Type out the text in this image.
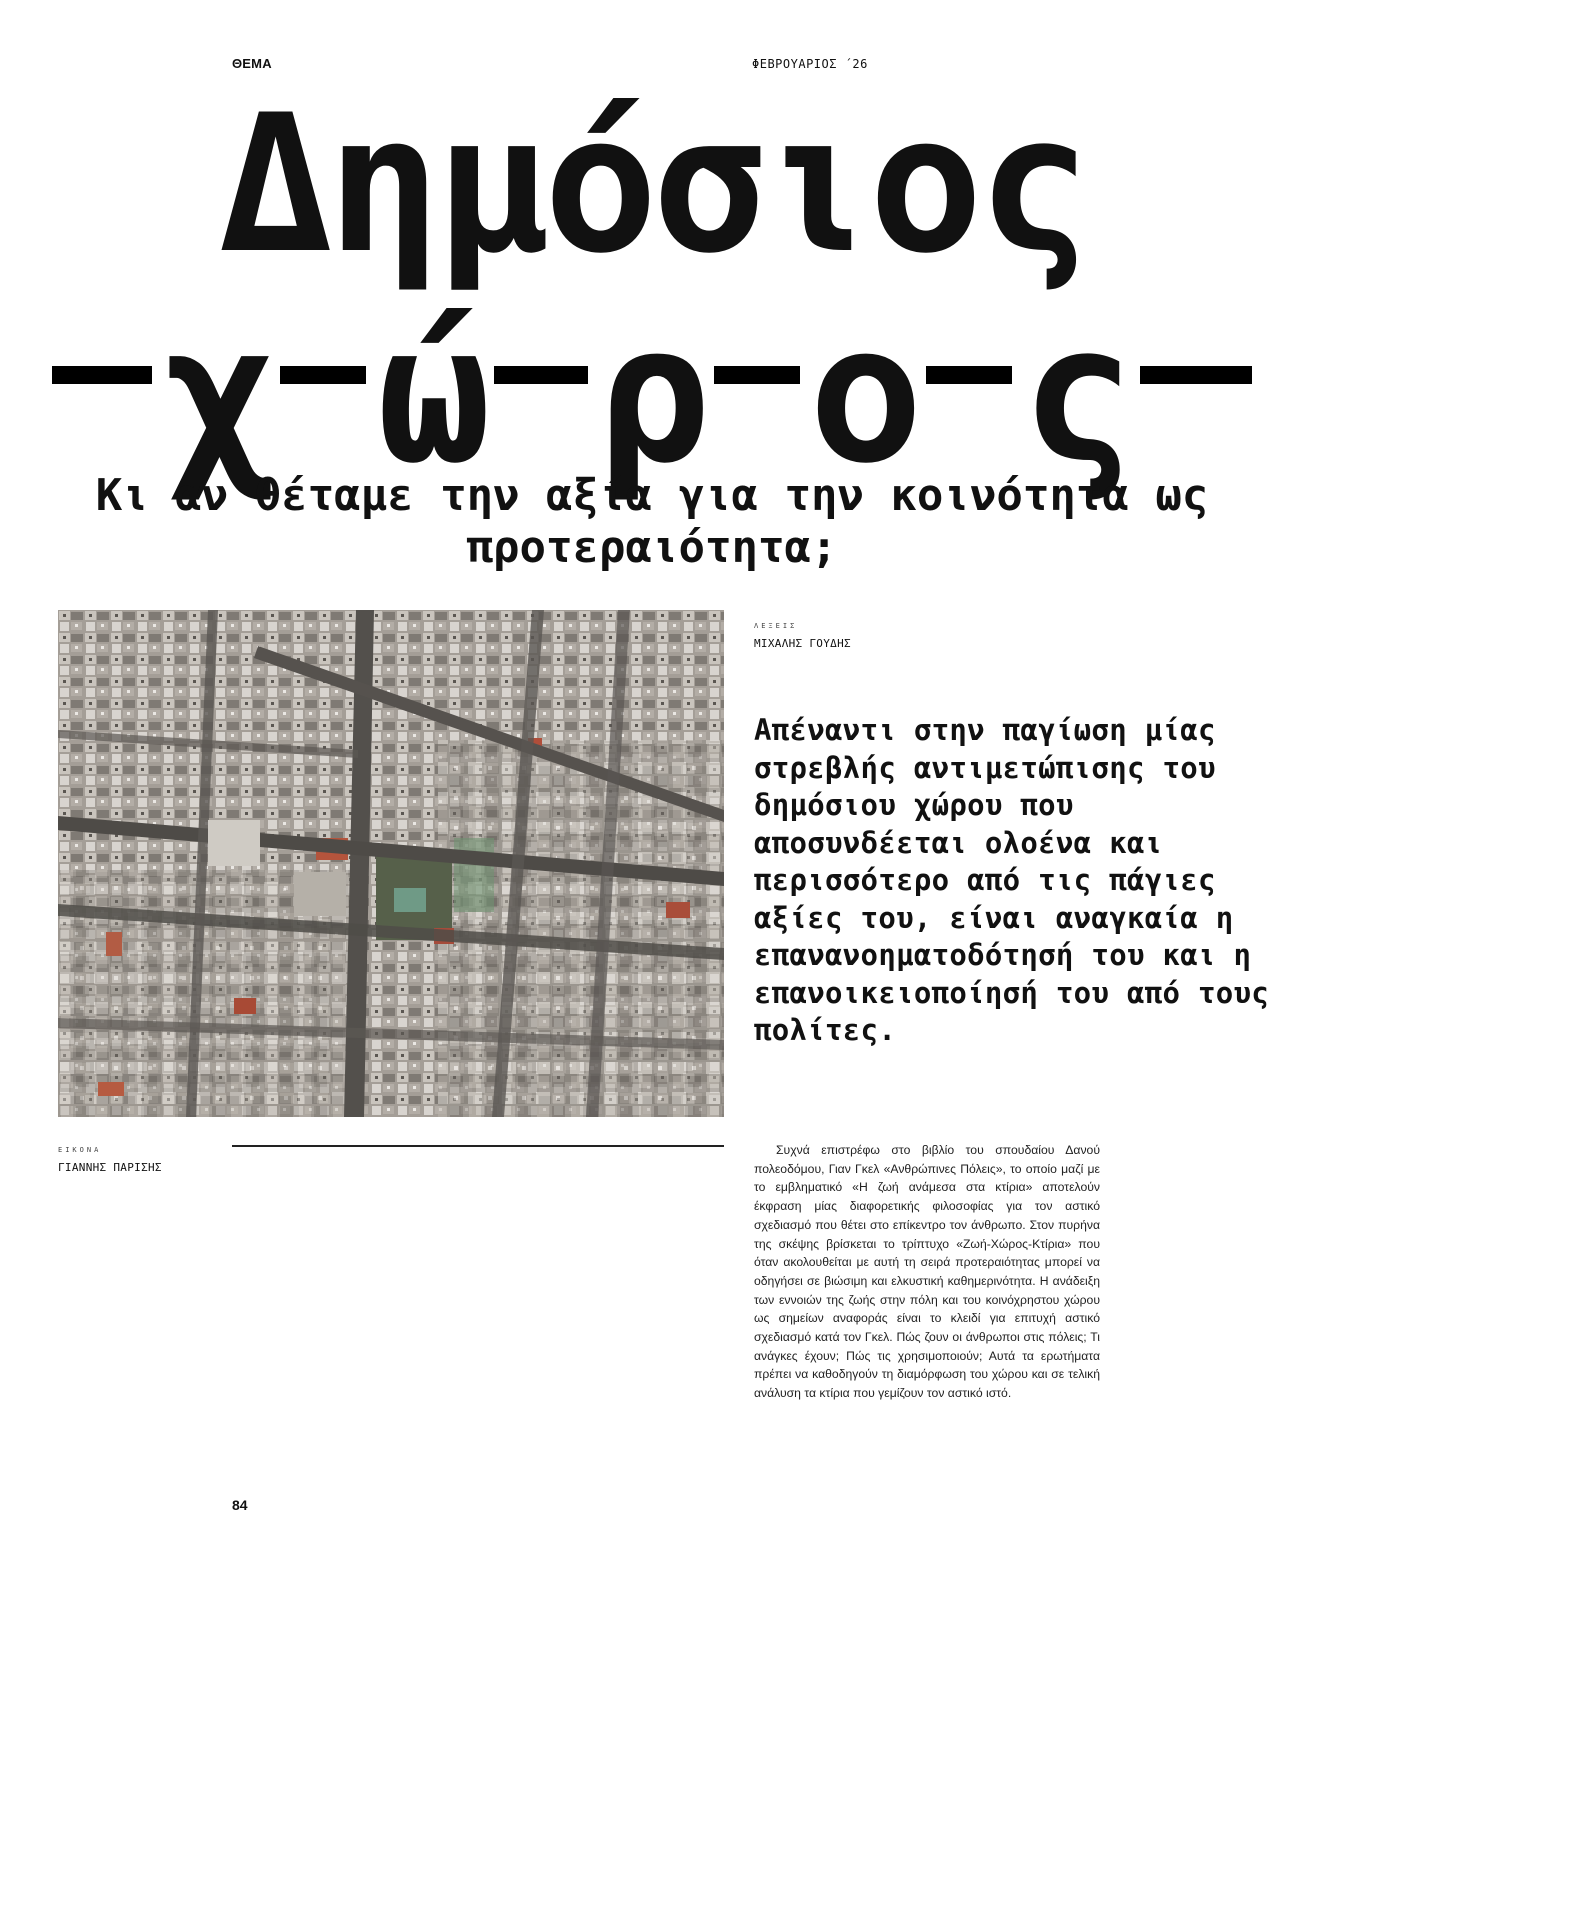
ΘΕΜΑ	ΦΕΒΡΟΥΑΡΙΟΣ ΄26
Δημόσιος
χ ώ ρ ο ς
Κι αν θέταμε την αξία για την κοινότητα ως προτεραιότητα;
ΛΕΞΕΙΣ
ΜΙΧΑΛΗΣ ΓΟΥΔΗΣ
ΕΙΚΟΝΑ
ΓΙΑΝΝΗΣ ΠΑΡΙΣΗΣ
Απέναντι στην παγίωση μίας στρεβλής αντιμετώπισης του δημόσιου χώρου που αποσυνδέεται ολοένα και περισσότερο από τις πάγιες αξίες του, είναι αναγκαία η επανανοηματοδότησή του και η επανοικειοποίησή του από τους πολίτες.
Συχνά επιστρέφω στο βιβλίο του σπουδαίου Δανού πολεοδόμου, Γιαν Γκελ «Ανθρώπινες Πόλεις», το οποίο μαζί με το εμβληματικό «Η ζωή ανάμεσα στα κτίρια» αποτελούν έκφραση μίας διαφορετικής φιλοσοφίας για τον αστικό σχεδιασμό που θέτει στο επίκεντρο τον άνθρωπο. Στον πυρήνα της σκέψης βρίσκεται το τρίπτυχο «Ζωή-Χώρος-Κτίρια» που όταν ακολουθείται με αυτή τη σειρά προτεραιότητας μπορεί να οδηγήσει σε βιώσιμη και ελκυστική καθημερινότητα. Η ανάδειξη των εννοιών της ζωής στην πόλη και του κοινόχρηστου χώρου ως σημείων αναφοράς είναι το κλειδί για επιτυχή αστικό σχεδιασμό κατά τον Γκελ. Πώς ζουν οι άνθρωποι στις πόλεις; Τι ανάγκες έχουν; Πώς τις χρησιμοποιούν; Αυτά τα ερωτήματα πρέπει να καθοδηγούν τη διαμόρφωση του χώρου και σε τελική ανάλυση τα κτίρια που γεμίζουν τον αστικό ιστό.
84
